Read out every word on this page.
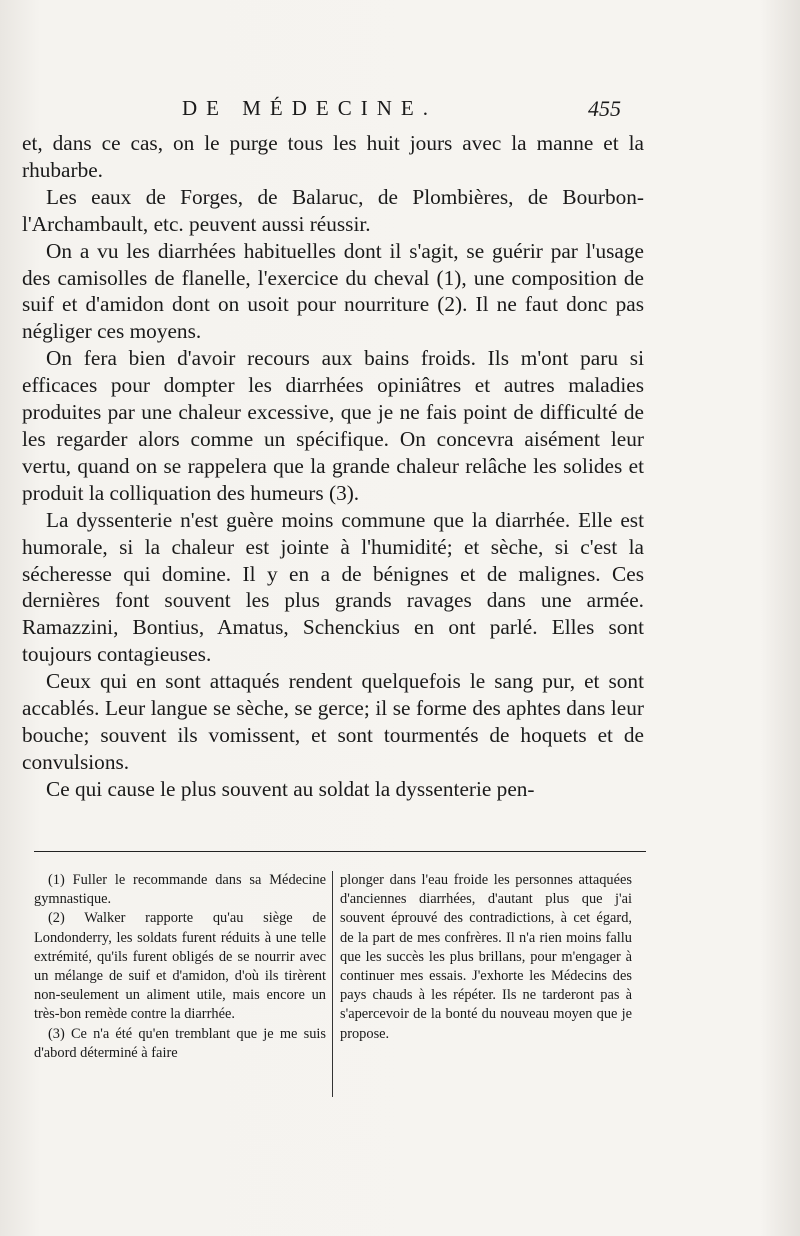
DE MÉDECINE.	455

et, dans ce cas, on le purge tous les huit jours avec la manne et la rhubarbe.

Les eaux de Forges, de Balaruc, de Plombières, de Bourbon-l'Archambault, etc. peuvent aussi réussir.

On a vu les diarrhées habituelles dont il s'agit, se guérir par l'usage des camisolles de flanelle, l'exercice du cheval (1), une composition de suif et d'amidon dont on usoit pour nourriture (2). Il ne faut donc pas négliger ces moyens.

On fera bien d'avoir recours aux bains froids. Ils m'ont paru si efficaces pour dompter les diarrhées opiniâtres et autres maladies produites par une chaleur excessive, que je ne fais point de difficulté de les regarder alors comme un spécifique. On concevra aisément leur vertu, quand on se rappelera que la grande chaleur relâche les solides et produit la colliquation des humeurs (3).

La dyssenterie n'est guère moins commune que la diarrhée. Elle est humorale, si la chaleur est jointe à l'humidité; et sèche, si c'est la sécheresse qui domine. Il y en a de bénignes et de malignes. Ces dernières font souvent les plus grands ravages dans une armée. Ramazzini, Bontius, Amatus, Schenckius en ont parlé. Elles sont toujours contagieuses.

Ceux qui en sont attaqués rendent quelquefois le sang pur, et sont accablés. Leur langue se sèche, se gerce; il se forme des aphtes dans leur bouche; souvent ils vomissent, et sont tourmentés de hoquets et de convulsions.

Ce qui cause le plus souvent au soldat la dyssenterie pen-

(1) Fuller le recommande dans sa Médecine gymnastique.

(2) Walker rapporte qu'au siège de Londonderry, les soldats furent réduits à une telle extrémité, qu'ils furent obligés de se nourrir avec un mélange de suif et d'amidon, d'où ils tirèrent non-seulement un aliment utile, mais encore un très-bon remède contre la diarrhée.

(3) Ce n'a été qu'en tremblant que je me suis d'abord déterminé à faire

plonger dans l'eau froide les personnes attaquées d'anciennes diarrhées, d'autant plus que j'ai souvent éprouvé des contradictions, à cet égard, de la part de mes confrères. Il n'a rien moins fallu que les succès les plus brillans, pour m'engager à continuer mes essais. J'exhorte les Médecins des pays chauds à les répéter. Ils ne tarderont pas à s'apercevoir de la bonté du nouveau moyen que je propose.
